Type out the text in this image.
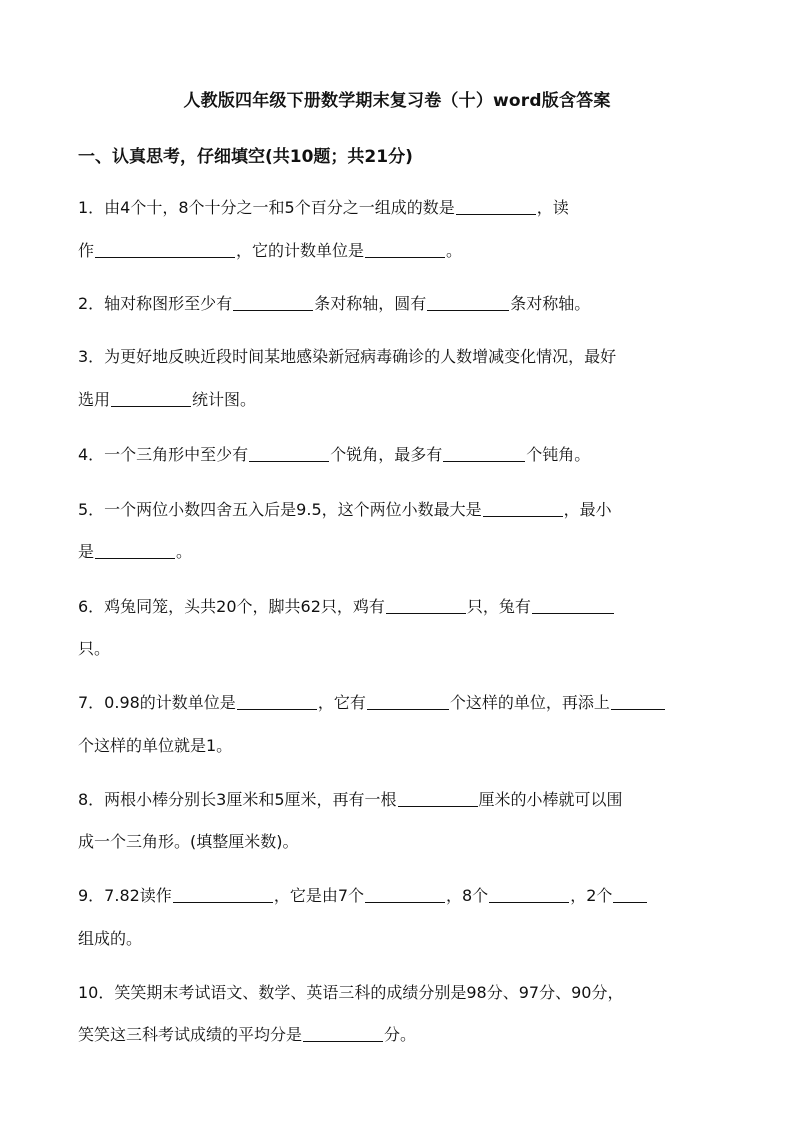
人教版四年级下册数学期末复习卷（十）word版含答案
一、认真思考，仔细填空(共10题；共21分)
1．由4个十，8个十分之一和5个百分之一组成的数是	，读
作	，它的计数单位是	。
2．轴对称图形至少有	条对称轴，圆有	条对称轴。
3．为更好地反映近段时间某地感染新冠病毒确诊的人数增减变化情况，最好
选用	统计图。
4．一个三角形中至少有	个锐角，最多有	个钝角。
5．一个两位小数四舍五入后是9.5，这个两位小数最大是	，最小
是	。
6．鸡兔同笼，头共20个，脚共62只，鸡有	只，兔有
只。
7．0.98的计数单位是	，它有	个这样的单位，再添上
个这样的单位就是1。
8．两根小棒分别长3厘米和5厘米，再有一根	厘米的小棒就可以围
成一个三角形。(填整厘米数)。
9．7.82读作	，它是由7个	，8个	，2个
组成的。
10．笑笑期末考试语文、数学、英语三科的成绩分别是98分、97分、90分，
笑笑这三科考试成绩的平均分是	分。
